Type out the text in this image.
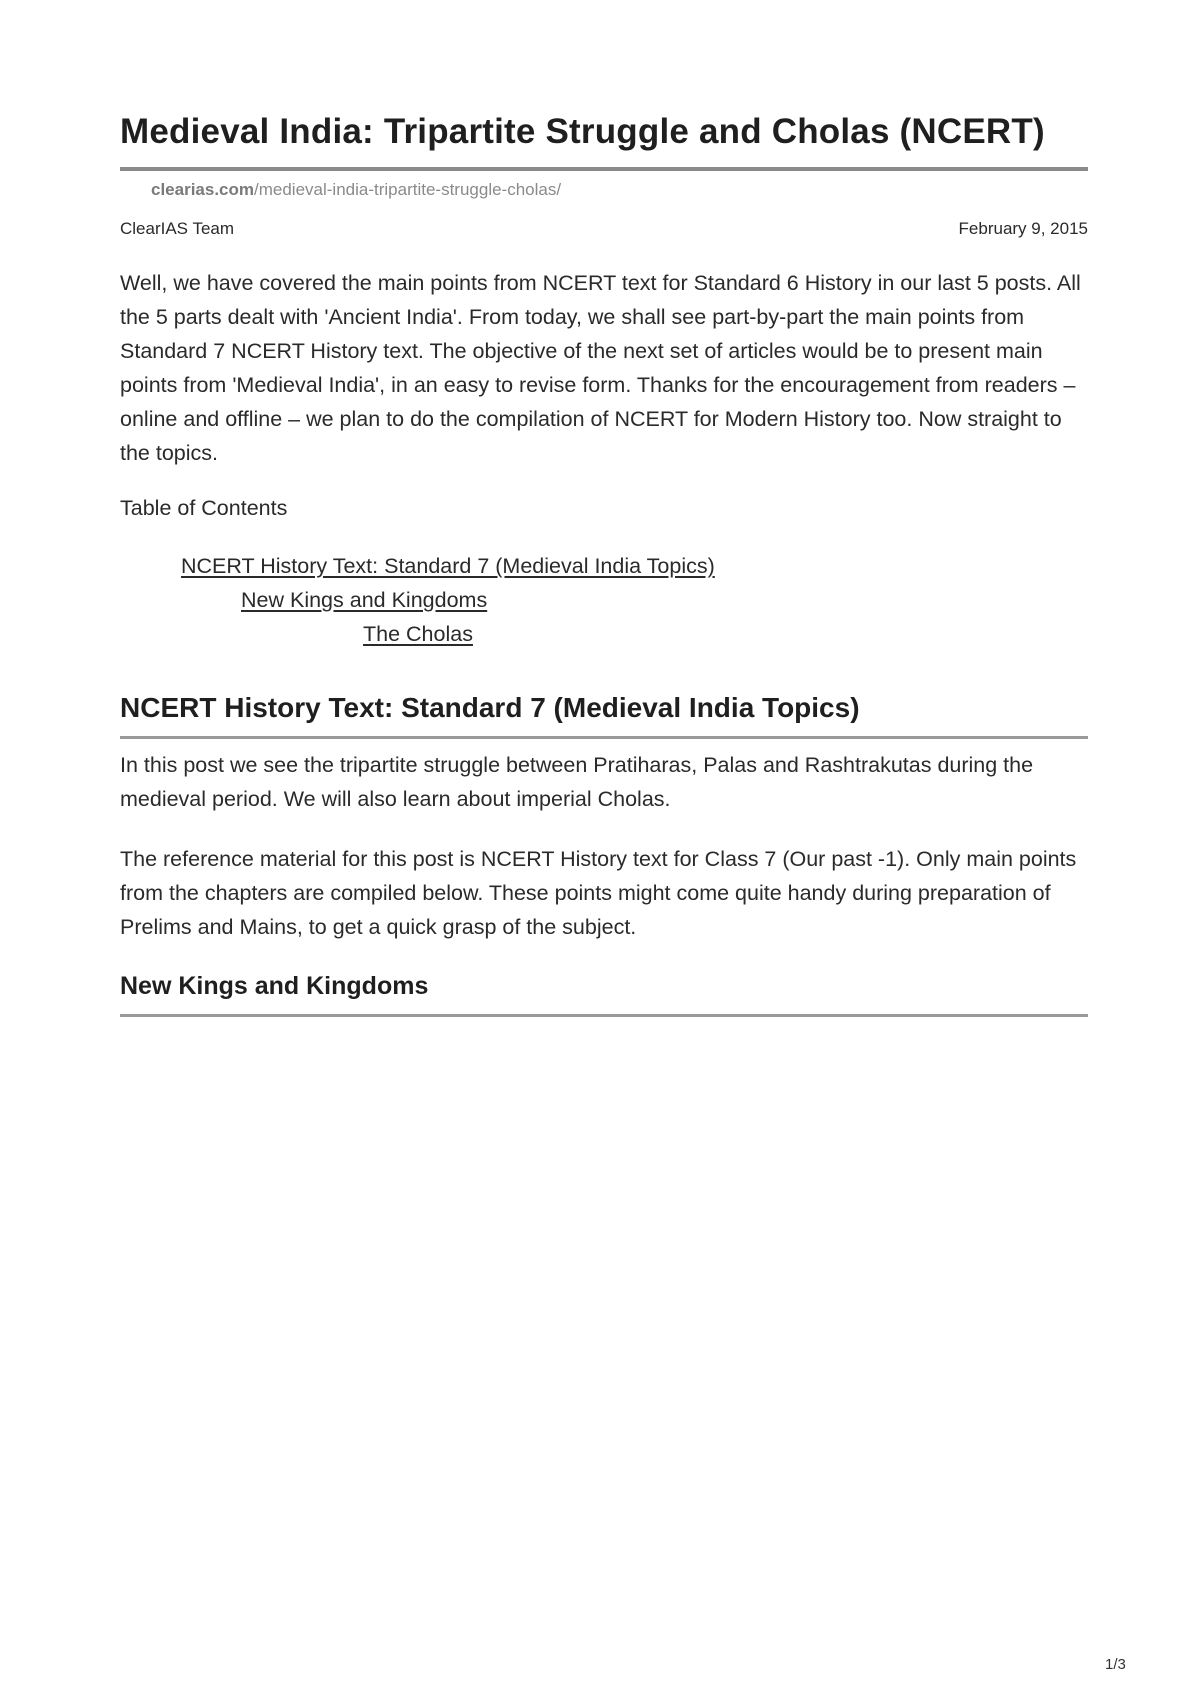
Medieval India: Tripartite Struggle and Cholas (NCERT)
clearias.com/medieval-india-tripartite-struggle-cholas/
ClearIAS Team	February 9, 2015

Well, we have covered the main points from NCERT text for Standard 6 History in our last 5 posts. All the 5 parts dealt with 'Ancient India'. From today, we shall see part-by-part the main points from Standard 7 NCERT History text. The objective of the next set of articles would be to present main points from 'Medieval India', in an easy to revise form. Thanks for the encouragement from readers – online and offline – we plan to do the compilation of NCERT for Modern History too. Now straight to the topics.

Table of Contents
NCERT History Text: Standard 7 (Medieval India Topics)
New Kings and Kingdoms
The Cholas
NCERT History Text: Standard 7 (Medieval India Topics)

In this post we see the tripartite struggle between Pratiharas, Palas and Rashtrakutas during the medieval period. We will also learn about imperial Cholas.

The reference material for this post is NCERT History text for Class 7 (Our past -1). Only main points from the chapters are compiled below. These points might come quite handy during preparation of Prelims and Mains, to get a quick grasp of the subject.

New Kings and Kingdoms
1/3
